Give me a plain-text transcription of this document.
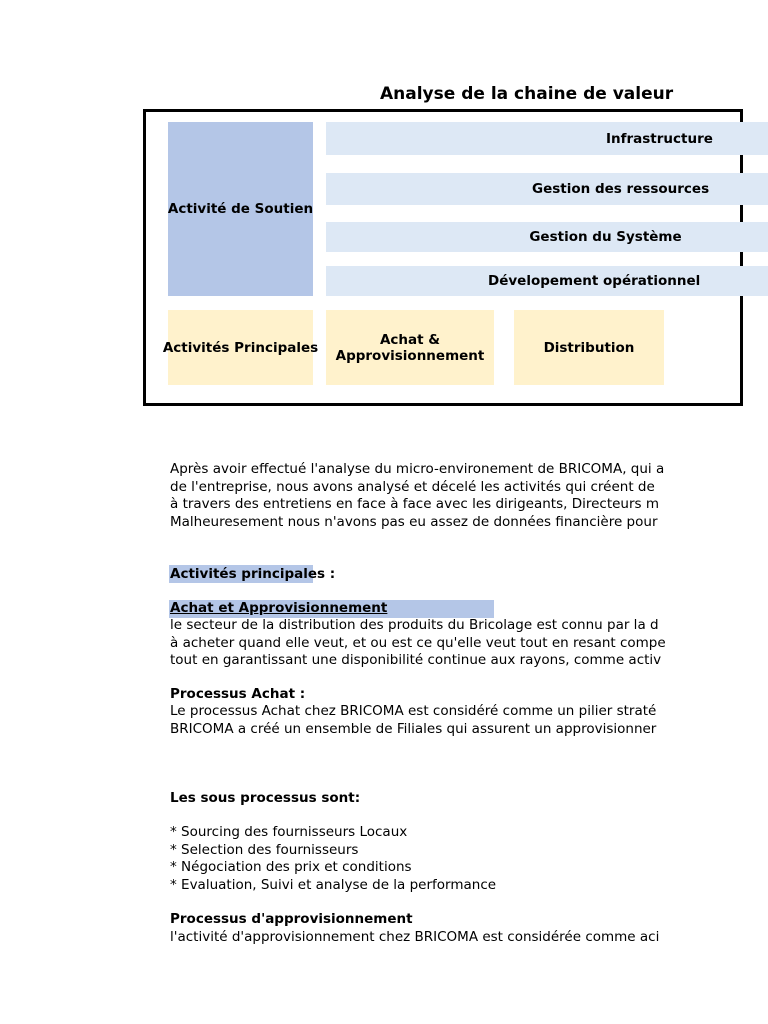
Analyse de la chaine de valeur
Activité de Soutien
Infrastructure
Gestion des ressources
Gestion du Système
Dévelopement opérationnel
Activités Principales	Achat & Approvisionnement	Distribution
Après avoir effectué l'analyse du micro-environement de BRICOMA, qui a
de l'entreprise, nous avons analysé et décelé les activités qui créent de
à travers des entretiens en face à face avec les dirigeants, Directeurs m
Malheuresement nous n'avons pas eu assez de données financière pour
Activités principales :
Achat et Approvisionnement
le secteur de la distribution des produits du Bricolage est connu par la d
à acheter quand elle veut, et ou est ce qu'elle veut tout en resant compe
tout en garantissant une disponibilité continue aux rayons, comme activ
Processus Achat :
Le processus Achat chez BRICOMA est considéré comme un pilier straté
BRICOMA a créé un ensemble de Filiales qui assurent un approvisionner
Les sous processus sont:
* Sourcing des fournisseurs Locaux
* Selection des fournisseurs
* Négociation des prix et conditions
* Evaluation, Suivi et analyse de la performance
Processus d'approvisionnement
l'activité d'approvisionnement chez BRICOMA est considérée comme aci
